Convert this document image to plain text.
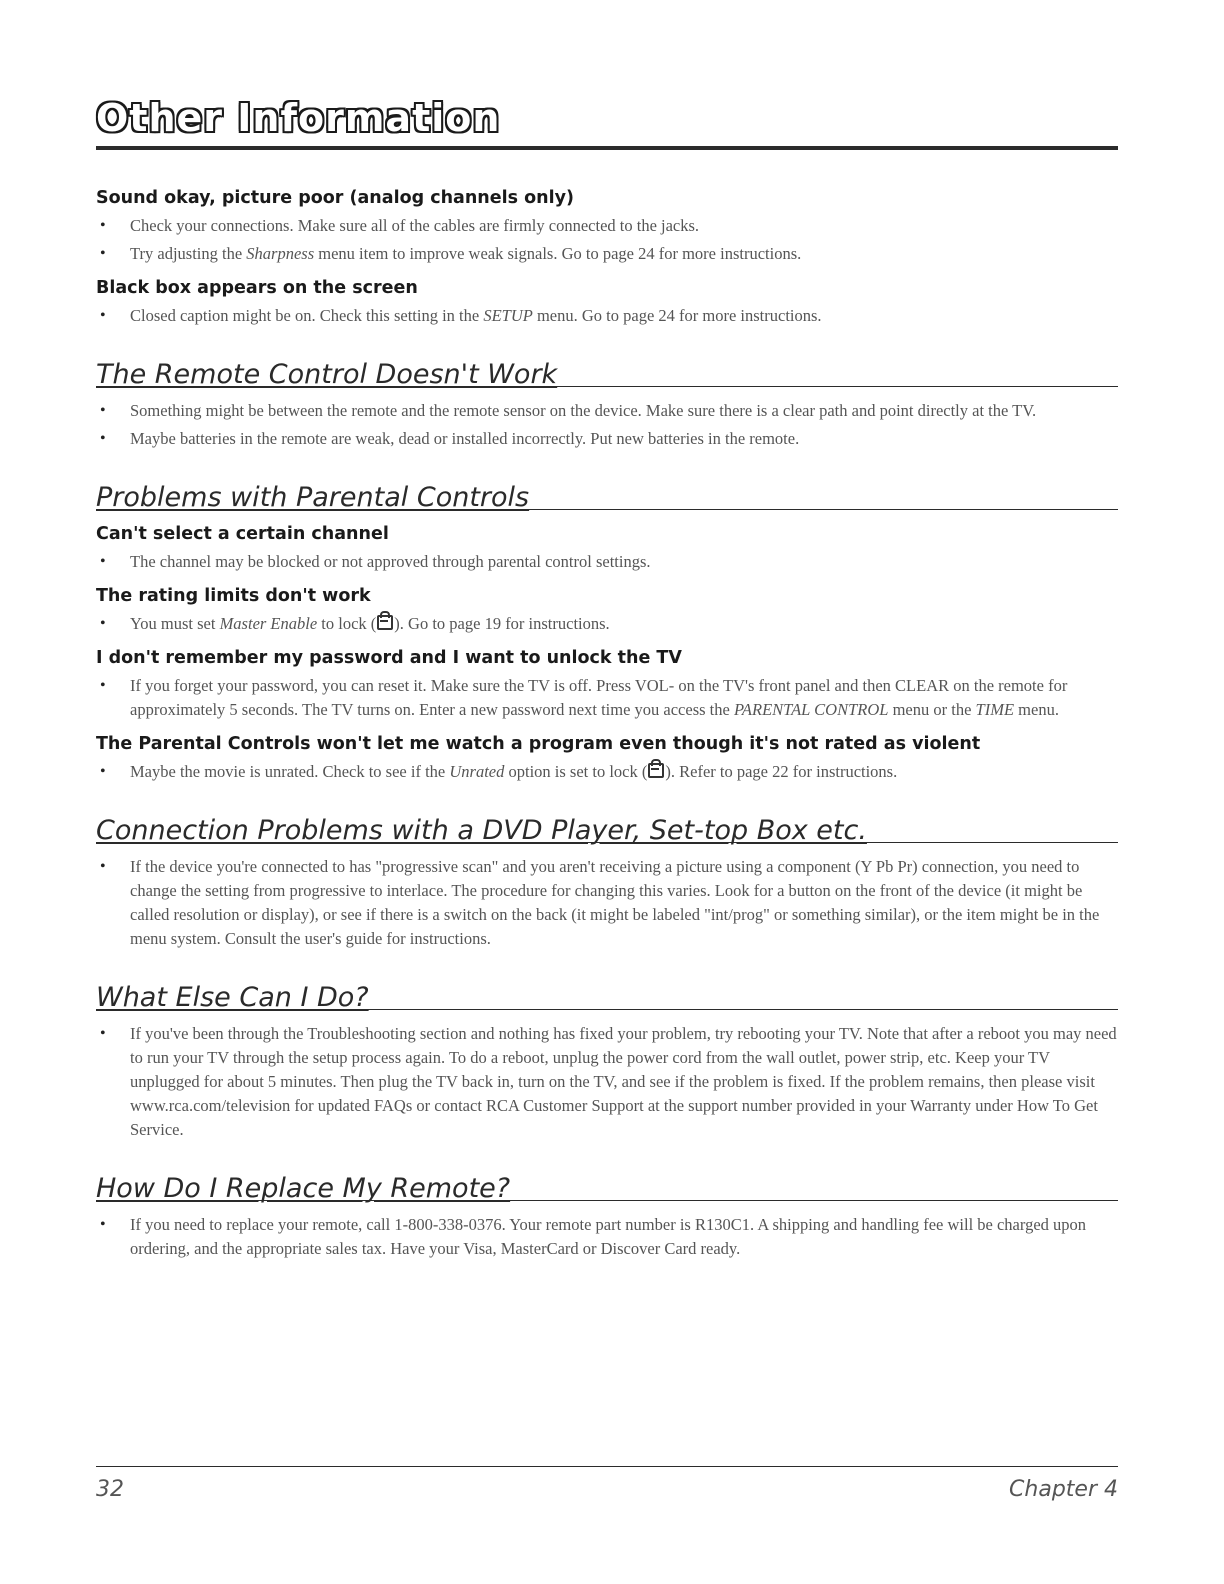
Other Information
Sound okay, picture poor (analog channels only)
• Check your connections. Make sure all of the cables are firmly connected to the jacks.
• Try adjusting the Sharpness menu item to improve weak signals. Go to page 24 for more instructions.
Black box appears on the screen
• Closed caption might be on. Check this setting in the SETUP menu. Go to page 24 for more instructions.
The Remote Control Doesn't Work
• Something might be between the remote and the remote sensor on the device. Make sure there is a clear path and point directly at the TV.
• Maybe batteries in the remote are weak, dead or installed incorrectly. Put new batteries in the remote.
Problems with Parental Controls
Can't select a certain channel
• The channel may be blocked or not approved through parental control settings.
The rating limits don't work
• You must set Master Enable to lock ( ). Go to page 19 for instructions.
I don't remember my password and I want to unlock the TV
• If you forget your password, you can reset it. Make sure the TV is off. Press VOL- on the TV's front panel and then CLEAR on the remote for approximately 5 seconds. The TV turns on. Enter a new password next time you access the PARENTAL CONTROL menu or the TIME menu.
The Parental Controls won't let me watch a program even though it's not rated as violent
• Maybe the movie is unrated. Check to see if the Unrated option is set to lock ( ). Refer to page 22 for instructions.
Connection Problems with a DVD Player, Set-top Box etc.
• If the device you're connected to has "progressive scan" and you aren't receiving a picture using a component (Y Pb Pr) connection, you need to change the setting from progressive to interlace. The procedure for changing this varies. Look for a button on the front of the device (it might be called resolution or display), or see if there is a switch on the back (it might be labeled "int/prog" or something similar), or the item might be in the menu system. Consult the user's guide for instructions.
What Else Can I Do?
• If you've been through the Troubleshooting section and nothing has fixed your problem, try rebooting your TV. Note that after a reboot you may need to run your TV through the setup process again. To do a reboot, unplug the power cord from the wall outlet, power strip, etc. Keep your TV unplugged for about 5 minutes. Then plug the TV back in, turn on the TV, and see if the problem is fixed. If the problem remains, then please visit www.rca.com/television for updated FAQs or contact RCA Customer Support at the support number provided in your Warranty under How To Get Service.
How Do I Replace My Remote?
• If you need to replace your remote, call 1-800-338-0376. Your remote part number is R130C1. A shipping and handling fee will be charged upon ordering, and the appropriate sales tax. Have your Visa, MasterCard or Discover Card ready.
32	Chapter 4
